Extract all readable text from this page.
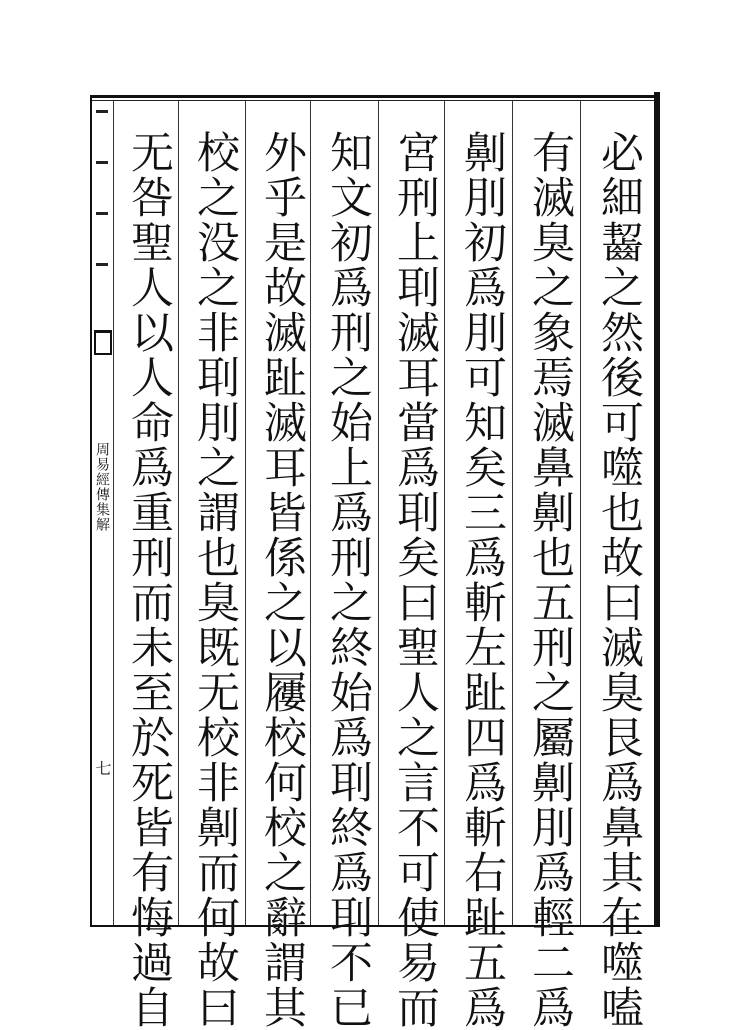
必細齧之然後可噬也故曰滅臭艮爲鼻其在噬嗑
有滅臭之象焉滅鼻劓也五刑之屬劓刖爲輕二爲
劓刖初爲刖可知矣三爲斬左趾四爲斬右趾五爲
宮刑上刵滅耳當爲刵矣曰聖人之言不可使易而
知文初爲刑之始上爲刑之終始爲刵終爲刵不已
外乎是故滅趾滅耳皆係之以屨校何校之辭謂其
校之没之非刵刖之謂也臭既无校非劓而何故曰
无咎聖人以人命爲重刑而未至於死皆有悔過自
周易經傳集解
七
